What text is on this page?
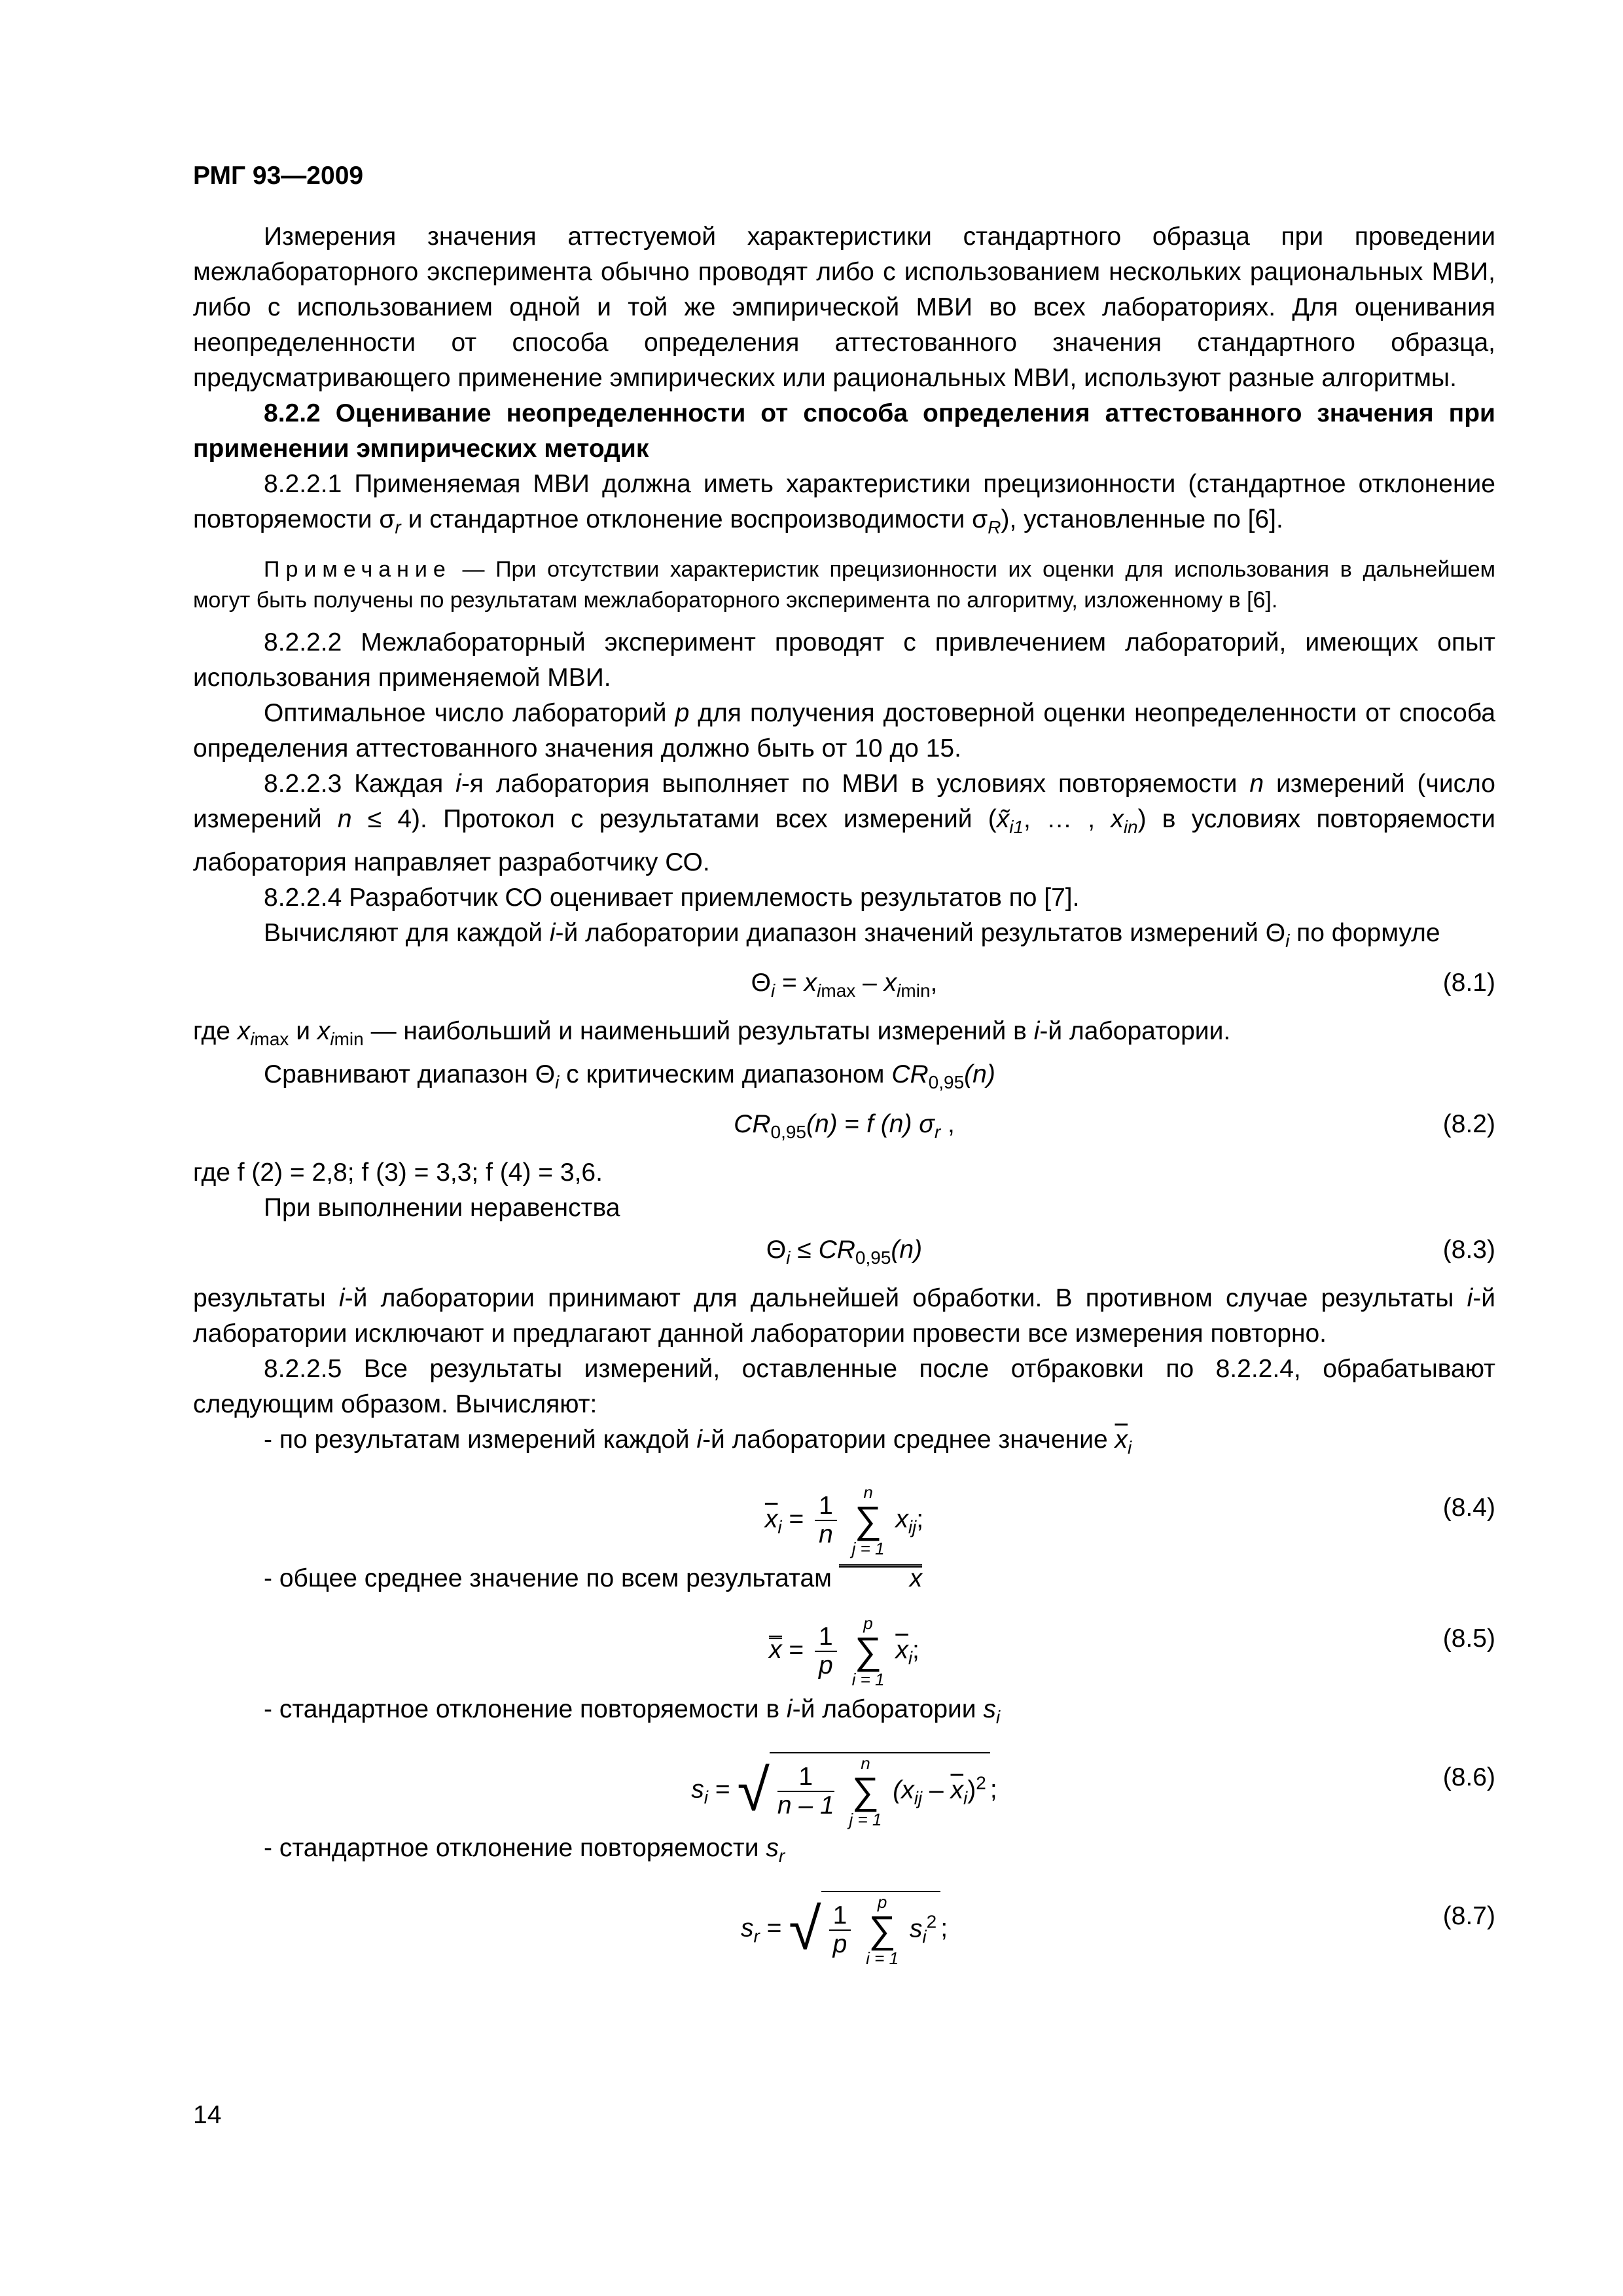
РМГ 93—2009

Измерения значения аттестуемой характеристики стандартного образца при проведении межлабораторного эксперимента обычно проводят либо с использованием нескольких рациональных МВИ, либо с использованием одной и той же эмпирической МВИ во всех лабораториях. Для оценивания неопределенности от способа определения аттестованного значения стандартного образца, предусматривающего применение эмпирических или рациональных МВИ, используют разные алгоритмы.

8.2.2 Оценивание неопределенности от способа определения аттестованного значения при применении эмпирических методик

8.2.2.1 Применяемая МВИ должна иметь характеристики прецизионности (стандартное отклонение повторяемости $\sigma_r$ и стандартное отклонение воспроизводимости $\sigma_R$), установленные по [6].

Примечание — При отсутствии характеристик прецизионности их оценки для использования в дальнейшем могут быть получены по результатам межлабораторного эксперимента по алгоритму, изложенному в [6].

8.2.2.2 Межлабораторный эксперимент проводят с привлечением лабораторий, имеющих опыт использования применяемой МВИ.

Оптимальное число лабораторий p для получения достоверной оценки неопределенности от способа определения аттестованного значения должно быть от 10 до 15.

8.2.2.3 Каждая i-я лаборатория выполняет по МВИ в условиях повторяемости n измерений (число измерений n ≤ 4). Протокол с результатами всех измерений ($x̃_{i1}$, … , $x_{in}$) в условиях повторяемости лаборатория направляет разработчику СО.

8.2.2.4 Разработчик СО оценивает приемлемость результатов по [7].

Вычисляют для каждой i-й лаборатории диапазон значений результатов измерений $\Theta_i$ по формуле

$\Theta_i = x_{imax} - x_{imin}$,	(8.1)

где $x_{imax}$ и $x_{imin}$ — наибольший и наименьший результаты измерений в i-й лаборатории.

Сравнивают диапазон $\Theta_i$ с критическим диапазоном $CR_{0,95}(n)$

$CR_{0,95}(n) = f$ (n) $\sigma_r$ ,	(8.2)

где f (2) = 2,8; f (3) = 3,3; f (4) = 3,6.

При выполнении неравенства

$\Theta_i \le CR_{0,95}(n)$	(8.3)

результаты i-й лаборатории принимают для дальнейшей обработки. В противном случае результаты i-й лаборатории исключают и предлагают данной лаборатории провести все измерения повторно.

8.2.2.5 Все результаты измерений, оставленные после отбраковки по 8.2.2.4, обрабатывают следующим образом. Вычисляют:

- по результатам измерений каждой i-й лаборатории среднее значение $\overline{x}_i$

$\overline{x}_i = \frac{1}{n}$
	n
∑
j = 1
$x_{ij}$;	(8.4)

- общее среднее значение по всем результатам	x

$x = \frac{1}{p}$
	p
∑
i = 1
$\overline{x}_i$;	(8.5)

- стандартное отклонение повторяемости в i-й лаборатории $s_i$

$s_i$ = √ $\frac{1}{n - 1}$
	n
∑
j = 1
$(x_{ij} - \overline{x}_i)^2$ ;	(8.6)

- стандартное отклонение повторяемости $s_r$

$s_r$ = √ $\frac{1}{p}$
	p
∑
i = 1
$s_i^2$ ;	(8.7)
14
